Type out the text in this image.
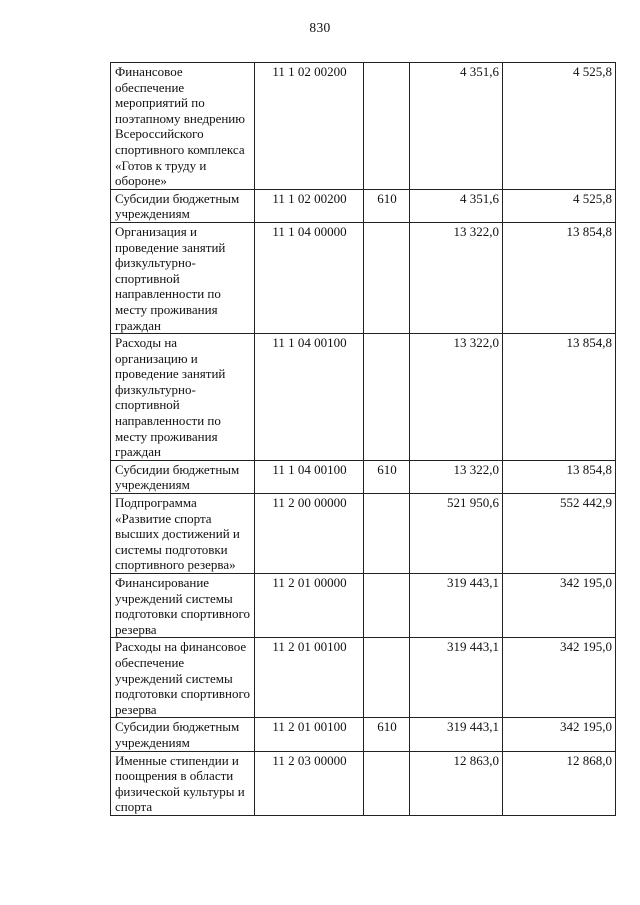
830
Финансовое обеспечение мероприятий по поэтапному внедрению Всероссийского спортивного комплекса «Готов к труду и обороне»	11 1 02 00200		4 351,6	4 525,8
Субсидии бюджетным учреждениям	11 1 02 00200	610	4 351,6	4 525,8
Организация и проведение занятий физкультурно-спортивной направленности по месту проживания граждан	11 1 04 00000		13 322,0	13 854,8
Расходы на организацию и проведение занятий физкультурно-спортивной направленности по месту проживания граждан	11 1 04 00100		13 322,0	13 854,8
Субсидии бюджетным учреждениям	11 1 04 00100	610	13 322,0	13 854,8
Подпрограмма «Развитие спорта высших достижений и системы подготовки спортивного резерва»	11 2 00 00000		521 950,6	552 442,9
Финансирование учреждений системы подготовки спортивного резерва	11 2 01 00000		319 443,1	342 195,0
Расходы на финансовое обеспечение учреждений системы подготовки спортивного резерва	11 2 01 00100		319 443,1	342 195,0
Субсидии бюджетным учреждениям	11 2 01 00100	610	319 443,1	342 195,0
Именные стипендии и поощрения в области физической культуры и спорта	11 2 03 00000		12 863,0	12 868,0
